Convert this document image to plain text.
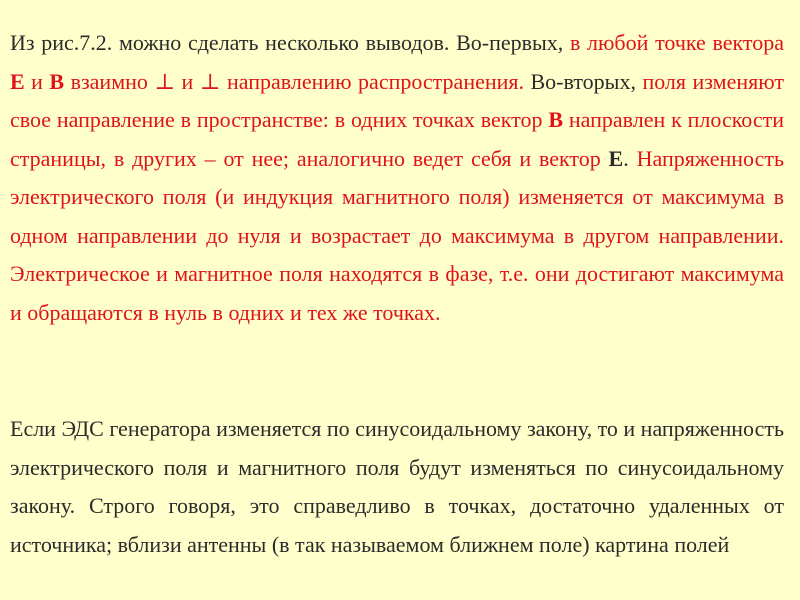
Из рис.7.2. можно сделать несколько выводов. Во-первых, в любой точке вектора E и B взаимно ⊥ и ⊥ направлению распространения. Во-вторых, поля изменяют свое направление в пространстве: в одних точках вектор B направлен к плоскости страницы, в других – от нее; аналогично ведет себя и вектор E. Напряженность электрического поля (и индукция магнитного поля) изменяется от максимума в одном направлении до нуля и возрастает до максимума в другом направлении. Электрическое и магнитное поля находятся в фазе, т.е. они достигают максимума и обращаются в нуль в одних и тех же точках.

Если ЭДС генератора изменяется по синусоидальному закону, то и напряженность электрического поля и магнитного поля будут изменяться по синусоидальному закону. Строго говоря, это справедливо в точках, достаточно удаленных от источника; вблизи антенны (в так называемом ближнем поле) картина полей
